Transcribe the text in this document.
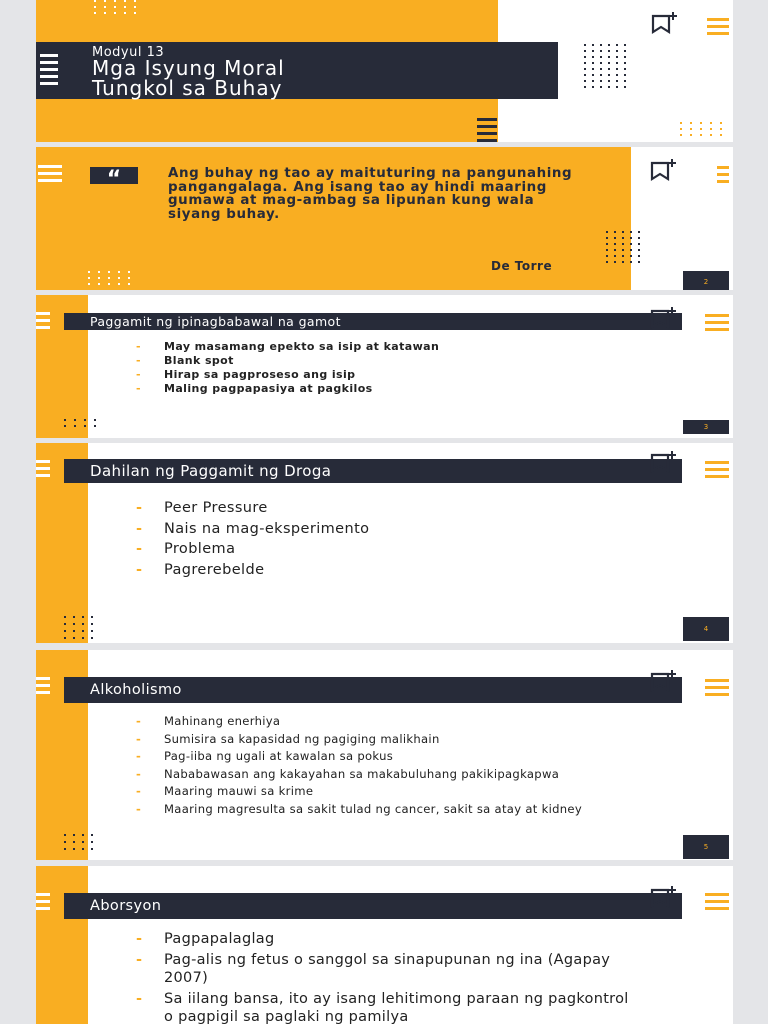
Modyul 13
Mga Isyung Moral
Tungkol sa Buhay
“	Ang buhay ng tao ay maituturing na pangunahing pangangalaga. Ang isang tao ay hindi maaring gumawa at mag-ambag sa lipunan kung wala siyang buhay.
De Torre
2
Paggamit ng ipinagbabawal na gamot
- May masamang epekto sa isip at katawan
- Blank spot
- Hirap sa pagproseso ang isip
- Maling pagpapasiya at pagkilos
3
Dahilan ng Paggamit ng Droga
- Peer Pressure
- Nais na mag-eksperimento
- Problema
- Pagrerebelde
4
Alkoholismo
- Mahinang enerhiya
- Sumisira sa kapasidad ng pagiging malikhain
- Pag-iiba ng ugali at kawalan sa pokus
- Nababawasan ang kakayahan sa makabuluhang pakikipagkapwa
- Maaring mauwi sa krime
- Maaring magresulta sa sakit tulad ng cancer, sakit sa atay at kidney
5
Aborsyon
- Pagpapalaglag
- Pag-alis ng fetus o sanggol sa sinapupunan ng ina (Agapay 2007)
- Sa iilang bansa, ito ay isang lehitimong paraan ng pagkontrol o pagpigil sa paglaki ng pamilya
